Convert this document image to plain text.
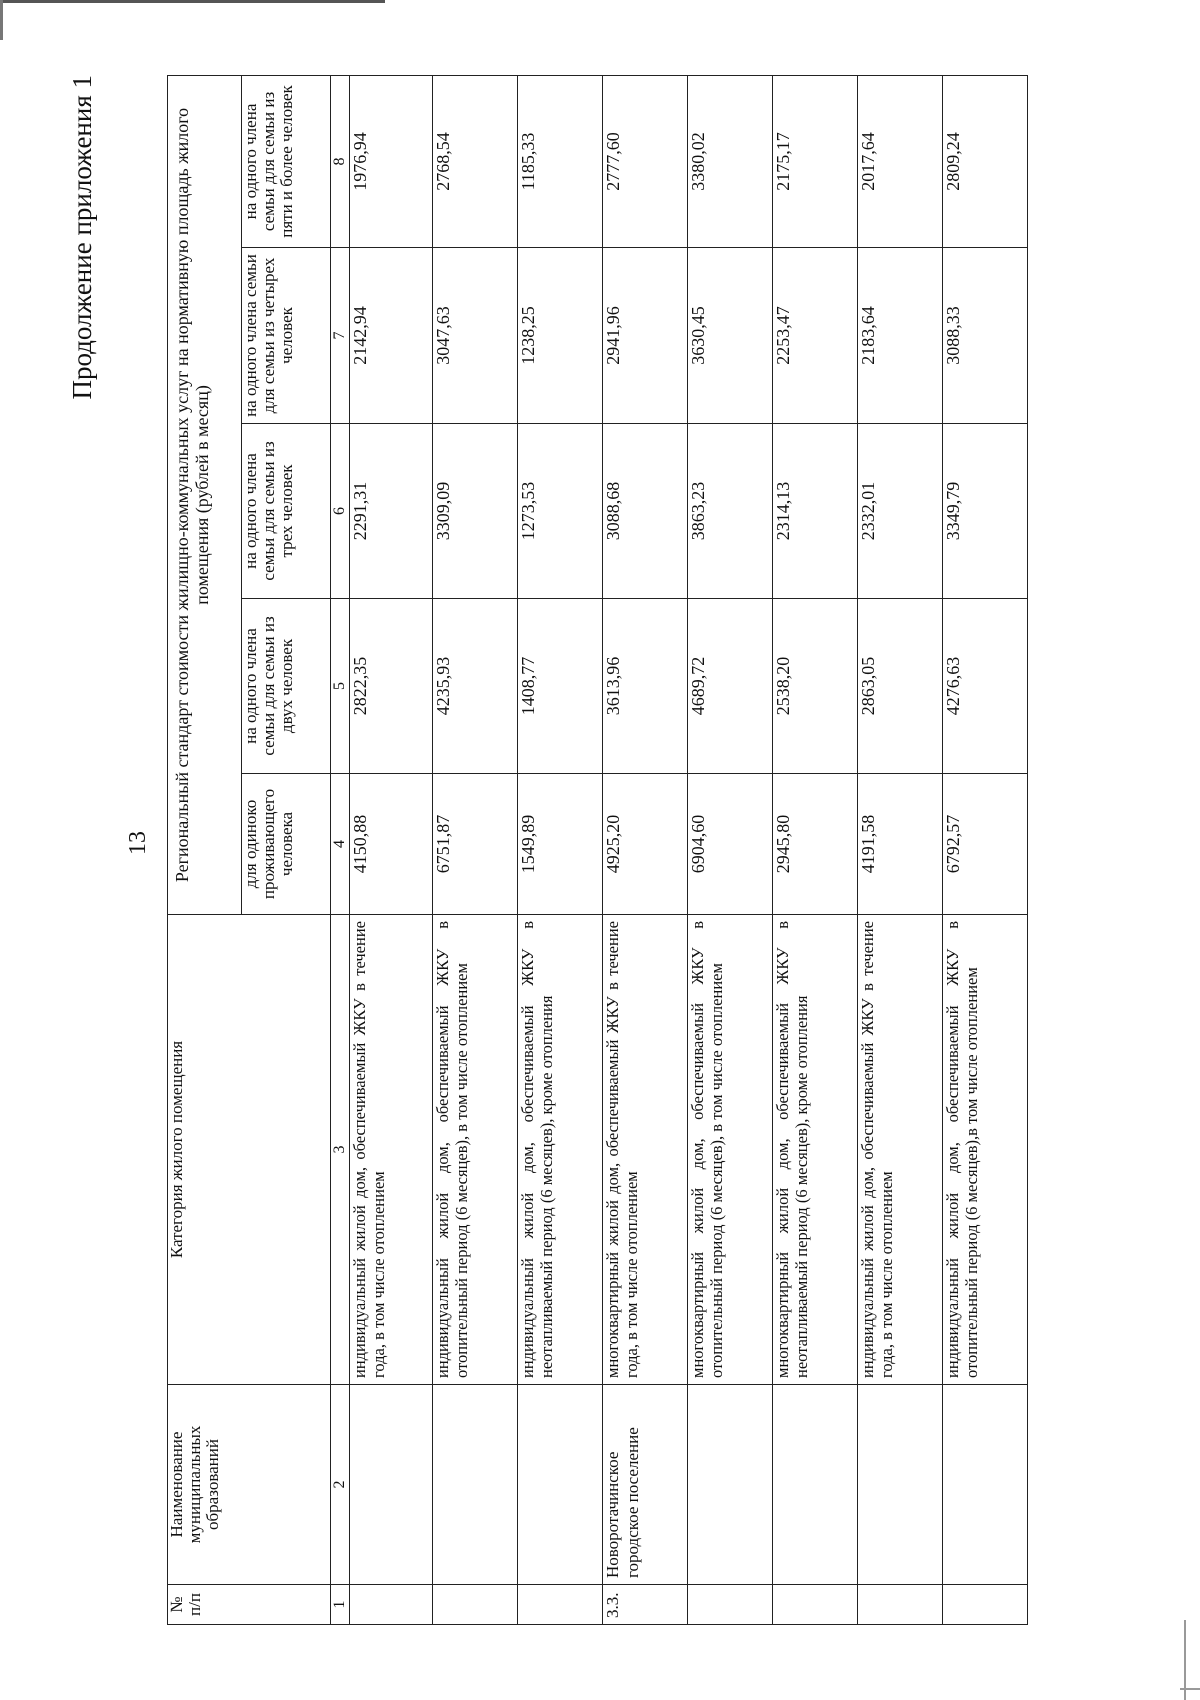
13
Продолжение приложения 1
№ п/п	Наименование муниципальных образований	Категория жилого помещения	Региональный стандарт стоимости жилищно-коммунальных услуг на нормативную площадь жилого помещения (рублей в месяц)				
			для одиноко проживающего человека	на одного члена семьи для семьи из двух человек	на одного члена семьи для семьи из трех человек	на одного члена семьи для семьи из четырех человек	на одного члена семьи для семьи из пяти и более человек
1	2	3	4	5	6	7	8
		индивидуальный жилой дом, обеспечиваемый ЖКУ в течение года, в том числе отоплением	4150,88	2822,35	2291,31	2142,94	1976,94
		индивидуальный жилой дом, обеспечиваемый ЖКУ в отопительный период (6 месяцев), в том числе отоплением	6751,87	4235,93	3309,09	3047,63	2768,54
		индивидуальный жилой дом, обеспечиваемый ЖКУ в неотапливаемый период (6 месяцев), кроме отопления	1549,89	1408,77	1273,53	1238,25	1185,33
3.3.	Новоротачинское городское поселение	многоквартирный жилой дом, обеспечиваемый ЖКУ в течение года, в том числе отоплением	4925,20	3613,96	3088,68	2941,96	2777,60
		многоквартирный жилой дом, обеспечиваемый ЖКУ в отопительный период (6 месяцев), в том числе отоплением	6904,60	4689,72	3863,23	3630,45	3380,02
		многоквартирный жилой дом, обеспечиваемый ЖКУ в неотапливаемый период (6 месяцев), кроме отопления	2945,80	2538,20	2314,13	2253,47	2175,17
		индивидуальный жилой дом, обеспечиваемый ЖКУ в течение года, в том числе отоплением	4191,58	2863,05	2332,01	2183,64	2017,64
		индивидуальный жилой дом, обеспечиваемый ЖКУ в отопительный период (6 месяцев),в том числе отоплением	6792,57	4276,63	3349,79	3088,33	2809,24
